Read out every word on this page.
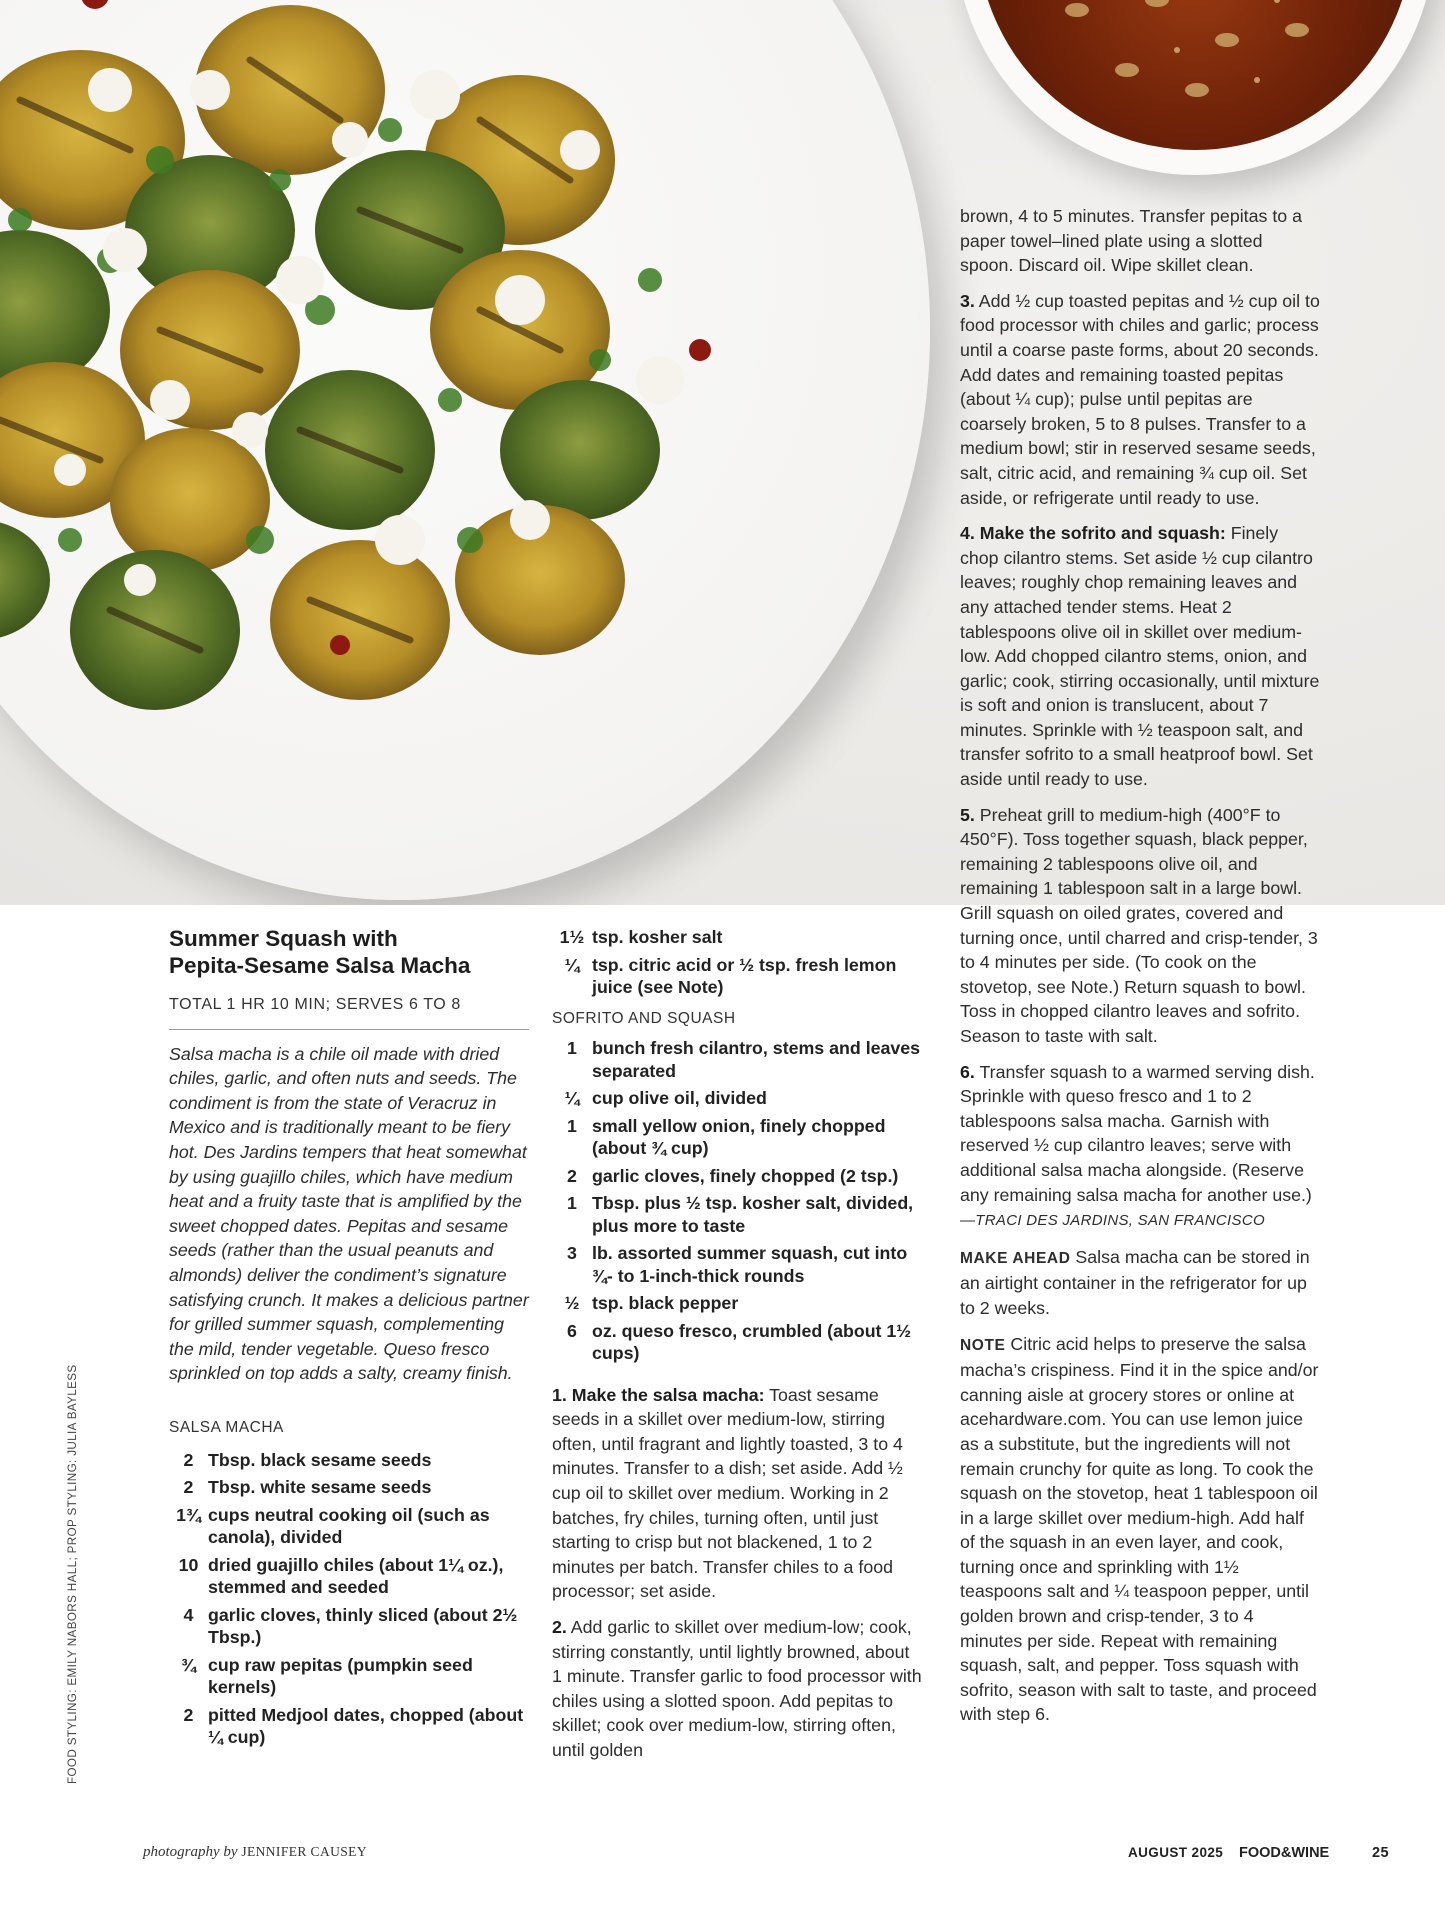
Summer Squash with
Pepita-Sesame Salsa Macha
TOTAL 1 HR 10 MIN; SERVES 6 TO 8
Salsa macha is a chile oil made with dried chiles, garlic, and often nuts and seeds. The condiment is from the state of Veracruz in Mexico and is traditionally meant to be fiery hot. Des Jardins tempers that heat somewhat by using guajillo chiles, which have medium heat and a fruity taste that is amplified by the sweet chopped dates. Pepitas and sesame seeds (rather than the usual peanuts and almonds) deliver the condiment’s signature satisfying crunch. It makes a delicious partner for grilled summer squash, complementing the mild, tender vegetable. Queso fresco sprinkled on top adds a salty, creamy finish.
SALSA MACHA
2 Tbsp. black sesame seeds
2 Tbsp. white sesame seeds
1¾ cups neutral cooking oil (such as canola), divided
10 dried guajillo chiles (about 1¼ oz.), stemmed and seeded
4 garlic cloves, thinly sliced (about 2½ Tbsp.)
¾ cup raw pepitas (pumpkin seed kernels)
2 pitted Medjool dates, chopped (about ¼ cup)
1½ tsp. kosher salt
¼ tsp. citric acid or ½ tsp. fresh lemon juice (see Note)
SOFRITO AND SQUASH
1 bunch fresh cilantro, stems and leaves separated
¼ cup olive oil, divided
1 small yellow onion, finely chopped (about ¾ cup)
2 garlic cloves, finely chopped (2 tsp.)
1 Tbsp. plus ½ tsp. kosher salt, divided, plus more to taste
3 lb. assorted summer squash, cut into ¾- to 1-inch-thick rounds
½ tsp. black pepper
6 oz. queso fresco, crumbled (about 1½ cups)

1. Make the salsa macha: Toast sesame seeds in a skillet over medium-low, stirring often, until fragrant and lightly toasted, 3 to 4 minutes. Transfer to a dish; set aside. Add ½ cup oil to skillet over medium. Working in 2 batches, fry chiles, turning often, until just starting to crisp but not blackened, 1 to 2 minutes per batch. Transfer chiles to a food processor; set aside.

2. Add garlic to skillet over medium-low; cook, stirring constantly, until lightly browned, about 1 minute. Transfer garlic to food processor with chiles using a slotted spoon. Add pepitas to skillet; cook over medium-low, stirring often, until golden

brown, 4 to 5 minutes. Transfer pepitas to a paper towel–lined plate using a slotted spoon. Discard oil. Wipe skillet clean.

3. Add ½ cup toasted pepitas and ½ cup oil to food processor with chiles and garlic; process until a coarse paste forms, about 20 seconds. Add dates and remaining toasted pepitas (about ¼ cup); pulse until pepitas are coarsely broken, 5 to 8 pulses. Transfer to a medium bowl; stir in reserved sesame seeds, salt, citric acid, and remaining ¾ cup oil. Set aside, or refrigerate until ready to use.

4. Make the sofrito and squash: Finely chop cilantro stems. Set aside ½ cup cilantro leaves; roughly chop remaining leaves and any attached tender stems. Heat 2 tablespoons olive oil in skillet over medium-low. Add chopped cilantro stems, onion, and garlic; cook, stirring occasionally, until mixture is soft and onion is translucent, about 7 minutes. Sprinkle with ½ teaspoon salt, and transfer sofrito to a small heatproof bowl. Set aside until ready to use.

5. Preheat grill to medium-high (400°F to 450°F). Toss together squash, black pepper, remaining 2 tablespoons olive oil, and remaining 1 tablespoon salt in a large bowl. Grill squash on oiled grates, covered and turning once, until charred and crisp-tender, 3 to 4 minutes per side. (To cook on the stovetop, see Note.) Return squash to bowl. Toss in chopped cilantro leaves and sofrito. Season to taste with salt.

6. Transfer squash to a warmed serving dish. Sprinkle with queso fresco and 1 to 2 tablespoons salsa macha. Garnish with reserved ½ cup cilantro leaves; serve with additional salsa macha alongside. (Reserve any remaining salsa macha for another use.) —TRACI DES JARDINS, SAN FRANCISCO

MAKE AHEAD Salsa macha can be stored in an airtight container in the refrigerator for up to 2 weeks.

NOTE Citric acid helps to preserve the salsa macha’s crispiness. Find it in the spice and/or canning aisle at grocery stores or online at acehardware.com. You can use lemon juice as a substitute, but the ingredients will not remain crunchy for quite as long. To cook the squash on the stovetop, heat 1 tablespoon oil in a large skillet over medium-high. Add half of the squash in an even layer, and cook, turning once and sprinkling with 1½ teaspoons salt and ¼ teaspoon pepper, until golden brown and crisp-tender, 3 to 4 minutes per side. Repeat with remaining squash, salt, and pepper. Toss squash with sofrito, season with salt to taste, and proceed with step 6.

FOOD STYLING: EMILY NABORS HALL; PROP STYLING: JULIA BAYLESS
photography by JENNIFER CAUSEY	AUGUST 2025 FOOD&WINE	25
